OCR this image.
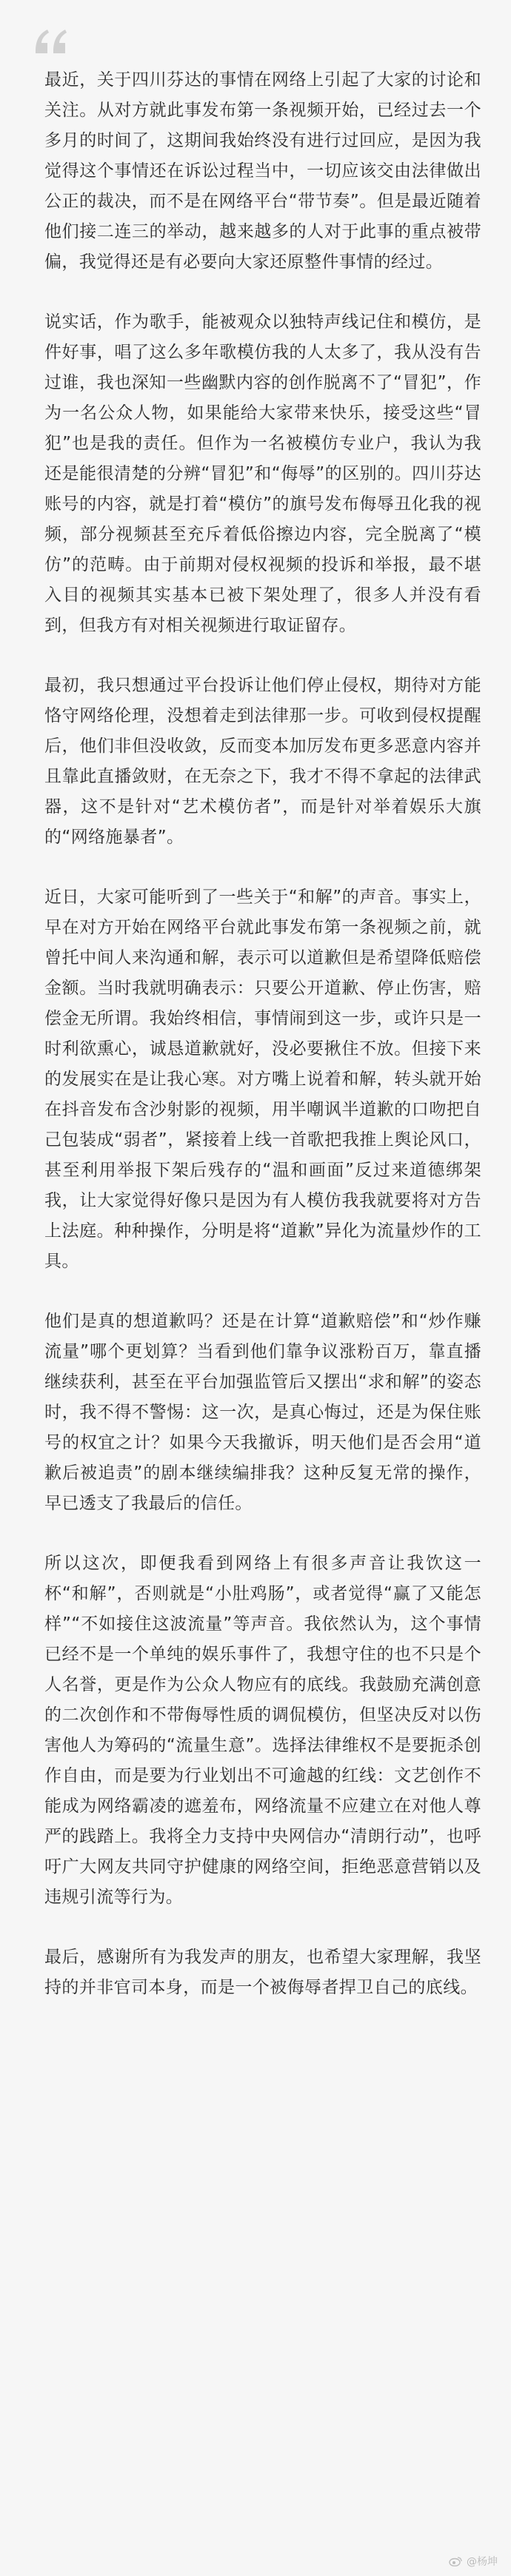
最近，关于四川芬达的事情在网络上引起了大家的讨论和关注。从对方就此事发布第一条视频开始，已经过去一个多月的时间了，这期间我始终没有进行过回应，是因为我觉得这个事情还在诉讼过程当中，一切应该交由法律做出公正的裁决，而不是在网络平台“带节奏”。但是最近随着他们接二连三的举动，越来越多的人对于此事的重点被带偏，我觉得还是有必要向大家还原整件事情的经过。

说实话，作为歌手，能被观众以独特声线记住和模仿，是件好事，唱了这么多年歌模仿我的人太多了，我从没有告过谁，我也深知一些幽默内容的创作脱离不了“冒犯”，作为一名公众人物，如果能给大家带来快乐，接受这些“冒犯”也是我的责任。但作为一名被模仿专业户，我认为我还是能很清楚的分辨“冒犯”和“侮辱”的区别的。四川芬达账号的内容，就是打着“模仿”的旗号发布侮辱丑化我的视频，部分视频甚至充斥着低俗擦边内容，完全脱离了“模仿”的范畴。由于前期对侵权视频的投诉和举报，最不堪入目的视频其实基本已被下架处理了，很多人并没有看到，但我方有对相关视频进行取证留存。

最初，我只想通过平台投诉让他们停止侵权，期待对方能恪守网络伦理，没想着走到法律那一步。可收到侵权提醒后，他们非但没收敛，反而变本加厉发布更多恶意内容并且靠此直播敛财，在无奈之下，我才不得不拿起的法律武器，这不是针对“艺术模仿者”，而是针对举着娱乐大旗的“网络施暴者”。

近日，大家可能听到了一些关于“和解”的声音。事实上，早在对方开始在网络平台就此事发布第一条视频之前，就曾托中间人来沟通和解，表示可以道歉但是希望降低赔偿金额。当时我就明确表示：只要公开道歉、停止伤害，赔偿金无所谓。我始终相信，事情闹到这一步，或许只是一时利欲熏心，诚恳道歉就好，没必要揪住不放。但接下来的发展实在是让我心寒。对方嘴上说着和解，转头就开始在抖音发布含沙射影的视频，用半嘲讽半道歉的口吻把自己包装成“弱者”，紧接着上线一首歌把我推上舆论风口，甚至利用举报下架后残存的“温和画面”反过来道德绑架我，让大家觉得好像只是因为有人模仿我我就要将对方告上法庭。种种操作，分明是将“道歉”异化为流量炒作的工具。

他们是真的想道歉吗？还是在计算“道歉赔偿”和“炒作赚流量”哪个更划算？当看到他们靠争议涨粉百万，靠直播继续获利，甚至在平台加强监管后又摆出“求和解”的姿态时，我不得不警惕：这一次，是真心悔过，还是为保住账号的权宜之计？如果今天我撤诉，明天他们是否会用“道歉后被追责”的剧本继续编排我？这种反复无常的操作，早已透支了我最后的信任。

所以这次，即便我看到网络上有很多声音让我饮这一杯“和解”，否则就是“小肚鸡肠”，或者觉得“赢了又能怎样”“不如接住这波流量”等声音。我依然认为，这个事情已经不是一个单纯的娱乐事件了，我想守住的也不只是个人名誉，更是作为公众人物应有的底线。我鼓励充满创意的二次创作和不带侮辱性质的调侃模仿，但坚决反对以伤害他人为筹码的“流量生意”。选择法律维权不是要扼杀创作自由，而是要为行业划出不可逾越的红线：文艺创作不能成为网络霸凌的遮羞布，网络流量不应建立在对他人尊严的践踏上。我将全力支持中央网信办“清朗行动”，也呼吁广大网友共同守护健康的网络空间，拒绝恶意营销以及违规引流等行为。

最后，感谢所有为我发声的朋友，也希望大家理解，我坚持的并非官司本身，而是一个被侮辱者捍卫自己的底线。

@杨坤
